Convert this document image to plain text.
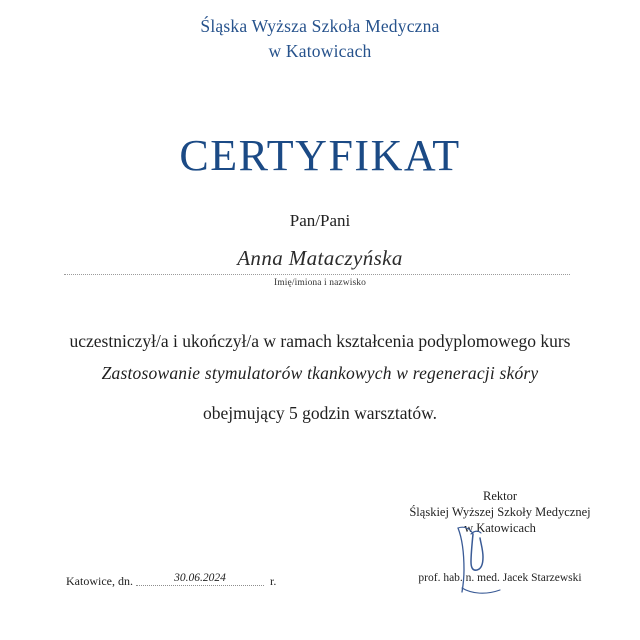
Śląska Wyższa Szkoła Medyczna
w Katowicach
CERTYFIKAT
Pan/Pani
Anna Mataczyńska
Imię/imiona i nazwisko
uczestniczył/a i ukończył/a w ramach kształcenia podyplomowego kurs
Zastosowanie stymulatorów tkankowych w regeneracji skóry
obejmujący 5 godzin warsztatów.
Rektor
Śląskiej Wyższej Szkoły Medycznej
w Katowicach
prof. hab. n. med. Jacek Starzewski
Katowice, dn.	30.06.2024	r.
